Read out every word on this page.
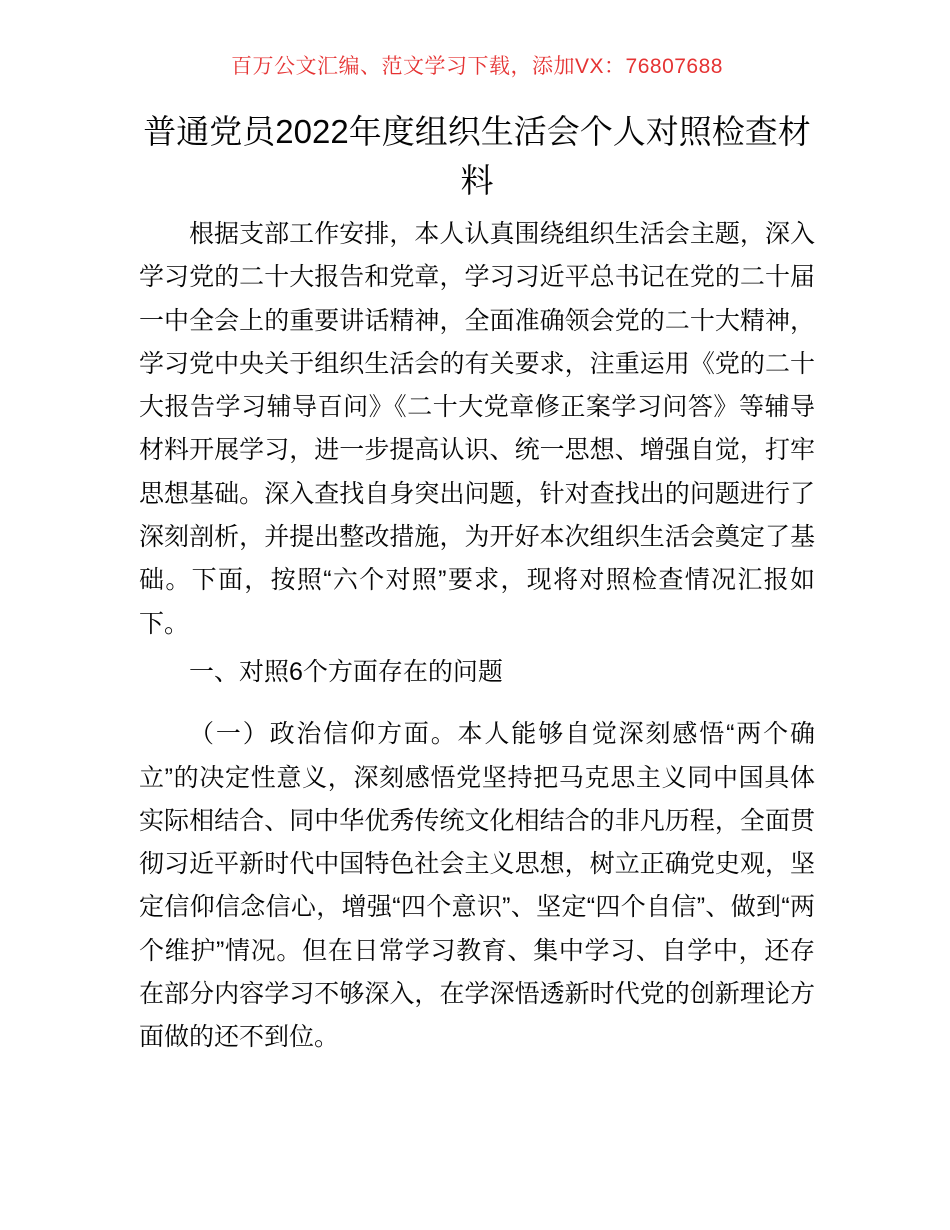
百万公文汇编、范文学习下载，添加VX：76807688
普通党员2022年度组织生活会个人对照检查材
料
根据支部工作安排，本人认真围绕组织生活会主题，深入学习党的二十大报告和党章，学习习近平总书记在党的二十届一中全会上的重要讲话精神，全面准确领会党的二十大精神，学习党中央关于组织生活会的有关要求，注重运用《党的二十大报告学习辅导百问》《二十大党章修正案学习问答》等辅导材料开展学习，进一步提高认识、统一思想、增强自觉，打牢思想基础。深入查找自身突出问题，针对查找出的问题进行了深刻剖析，并提出整改措施，为开好本次组织生活会奠定了基础。下面，按照“六个对照”要求，现将对照检查情况汇报如下。
一、对照6个方面存在的问题
（一）政治信仰方面。本人能够自觉深刻感悟“两个确立”的决定性意义，深刻感悟党坚持把马克思主义同中国具体实际相结合、同中华优秀传统文化相结合的非凡历程，全面贯彻习近平新时代中国特色社会主义思想，树立正确党史观，坚定信仰信念信心，增强“四个意识”、坚定“四个自信”、做到“两个维护”情况。但在日常学习教育、集中学习、自学中，还存在部分内容学习不够深入，在学深悟透新时代党的创新理论方面做的还不到位。
